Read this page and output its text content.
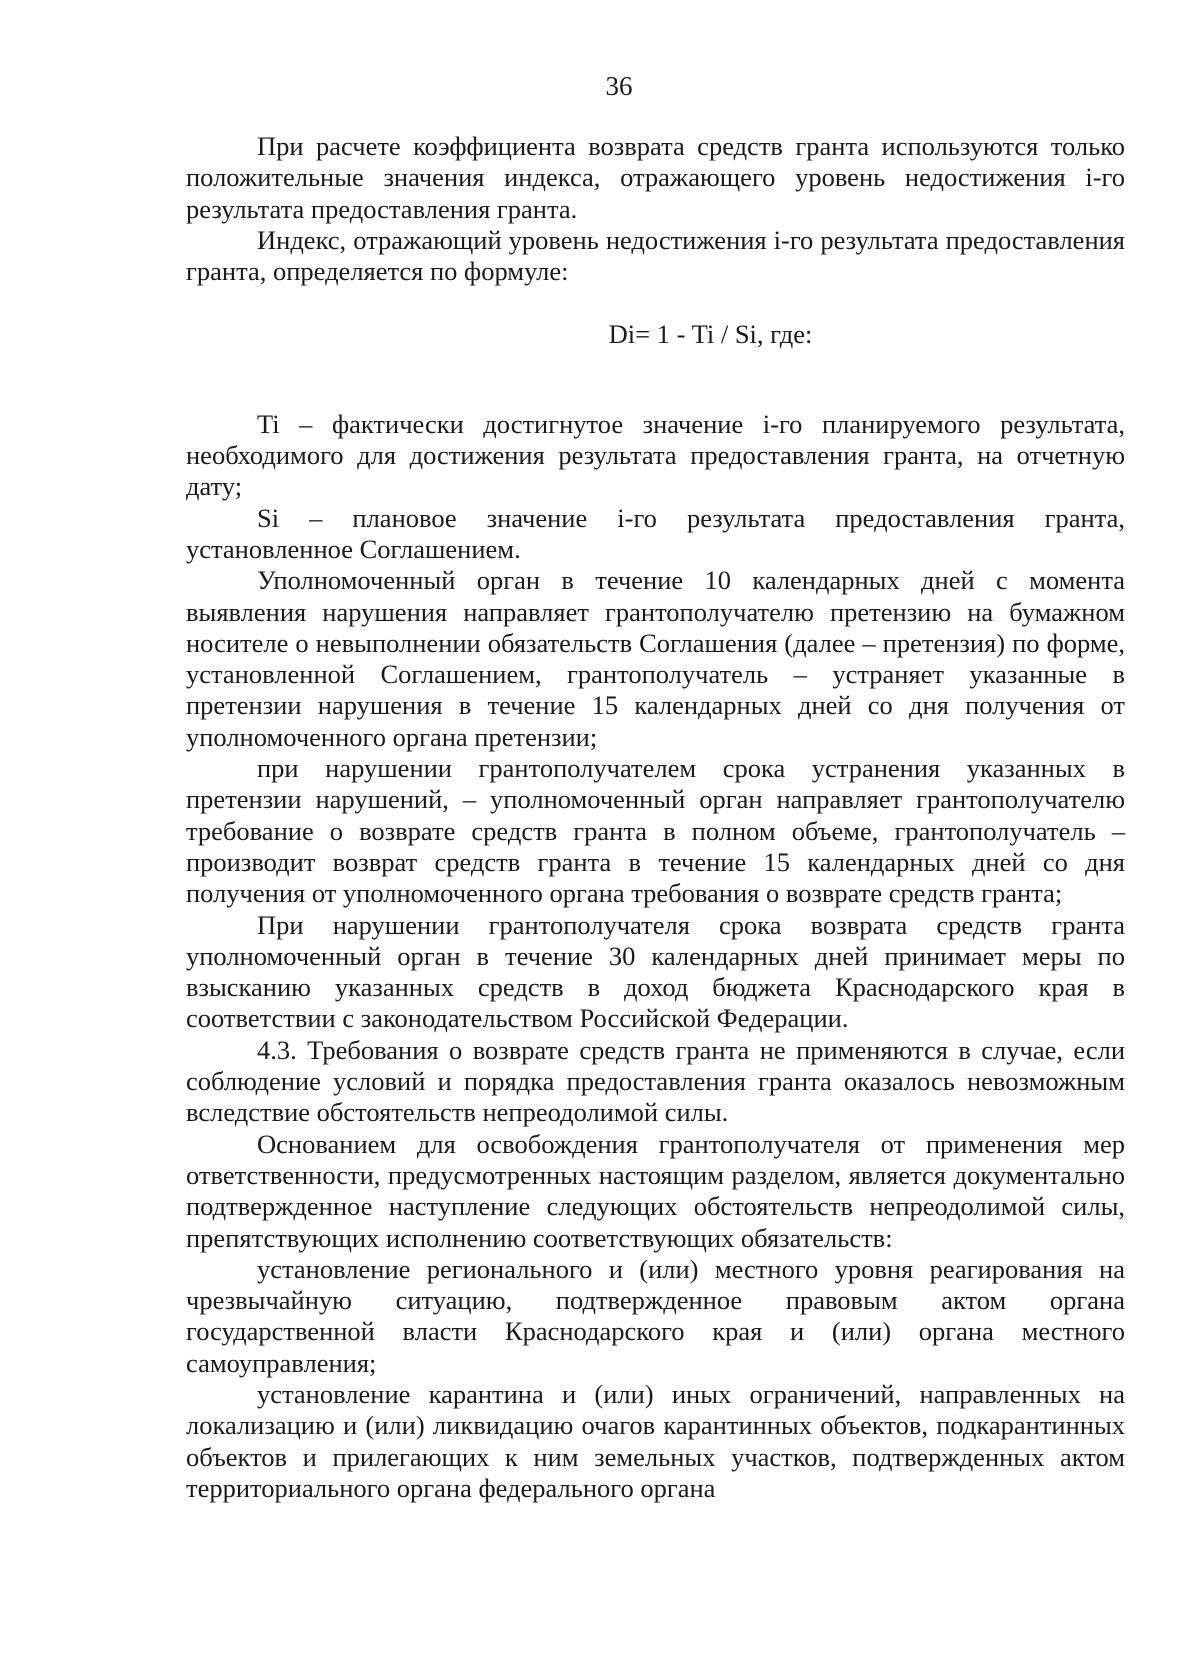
36

При расчете коэффициента возврата средств гранта используются только положительные значения индекса, отражающего уровень недостижения i-го результата предоставления гранта.

Индекс, отражающий уровень недостижения i-го результата предоставления гранта, определяется по формуле:

Di= 1 - Ti / Si, где:

Ti – фактически достигнутое значение i-го планируемого результата, необходимого для достижения результата предоставления гранта, на отчетную дату;

Si – плановое значение i-го результата предоставления гранта, установленное Соглашением.

Уполномоченный орган в течение 10 календарных дней с момента выявления нарушения направляет грантополучателю претензию на бумажном носителе о невыполнении обязательств Соглашения (далее – претензия) по форме, установленной Соглашением, грантополучатель – устраняет указанные в претензии нарушения в течение 15 календарных дней со дня получения от уполномоченного органа претензии;

при нарушении грантополучателем срока устранения указанных в претензии нарушений, – уполномоченный орган направляет грантополучателю требование о возврате средств гранта в полном объеме, грантополучатель – производит возврат средств гранта в течение 15 календарных дней со дня получения от уполномоченного органа требования о возврате средств гранта;

При нарушении грантополучателя срока возврата средств гранта уполномоченный орган в течение 30 календарных дней принимает меры по взысканию указанных средств в доход бюджета Краснодарского края в соответствии с законодательством Российской Федерации.

4.3. Требования о возврате средств гранта не применяются в случае, если соблюдение условий и порядка предоставления гранта оказалось невозможным вследствие обстоятельств непреодолимой силы.

Основанием для освобождения грантополучателя от применения мер ответственности, предусмотренных настоящим разделом, является документально подтвержденное наступление следующих обстоятельств непреодолимой силы, препятствующих исполнению соответствующих обязательств:

установление регионального и (или) местного уровня реагирования на чрезвычайную ситуацию, подтвержденное правовым актом органа государственной власти Краснодарского края и (или) органа местного самоуправления;

установление карантина и (или) иных ограничений, направленных на локализацию и (или) ликвидацию очагов карантинных объектов, подкарантинных объектов и прилегающих к ним земельных участков, подтвержденных актом территориального органа федерального органа
